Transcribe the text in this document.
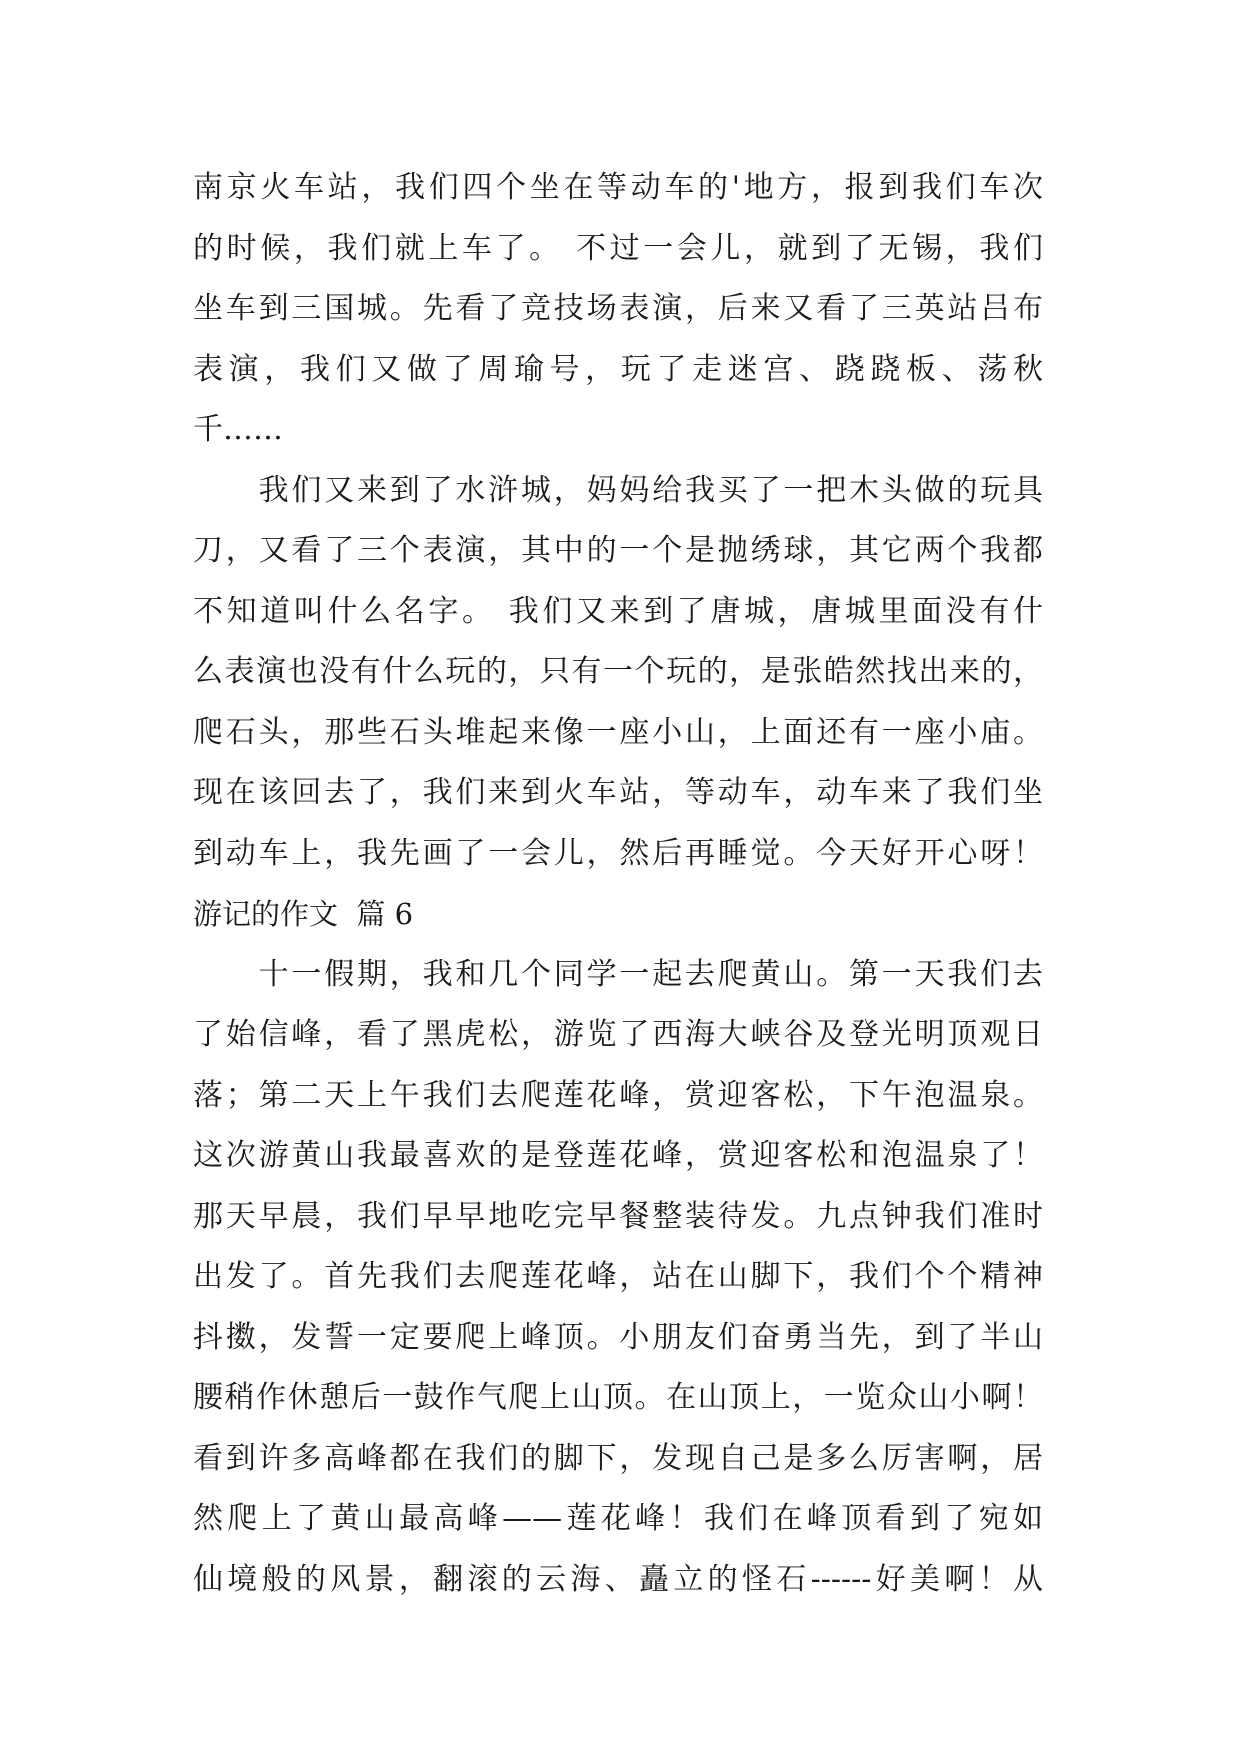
南京火车站，我们四个坐在等动车的'地方，报到我们车次
的时候，我们就上车了。 不过一会儿，就到了无锡，我们
坐车到三国城。先看了竞技场表演，后来又看了三英站吕布
表演，我们又做了周瑜号，玩了走迷宫、跷跷板、荡秋
千……
　　我们又来到了水浒城，妈妈给我买了一把木头做的玩具
刀，又看了三个表演，其中的一个是抛绣球，其它两个我都
不知道叫什么名字。 我们又来到了唐城，唐城里面没有什
么表演也没有什么玩的，只有一个玩的，是张皓然找出来的，
爬石头，那些石头堆起来像一座小山，上面还有一座小庙。
现在该回去了，我们来到火车站，等动车，动车来了我们坐
到动车上，我先画了一会儿，然后再睡觉。今天好开心呀！
游记的作文  篇 6
　　十一假期，我和几个同学一起去爬黄山。第一天我们去
了始信峰，看了黑虎松，游览了西海大峡谷及登光明顶观日
落；第二天上午我们去爬莲花峰，赏迎客松，下午泡温泉。
这次游黄山我最喜欢的是登莲花峰，赏迎客松和泡温泉了！
那天早晨，我们早早地吃完早餐整装待发。九点钟我们准时
出发了。首先我们去爬莲花峰，站在山脚下，我们个个精神
抖擞，发誓一定要爬上峰顶。小朋友们奋勇当先，到了半山
腰稍作休憩后一鼓作气爬上山顶。在山顶上，一览众山小啊！
看到许多高峰都在我们的脚下，发现自己是多么厉害啊，居
然爬上了黄山最高峰——莲花峰！我们在峰顶看到了宛如
仙境般的风景，翻滚的云海、矗立的怪石------好美啊！从
